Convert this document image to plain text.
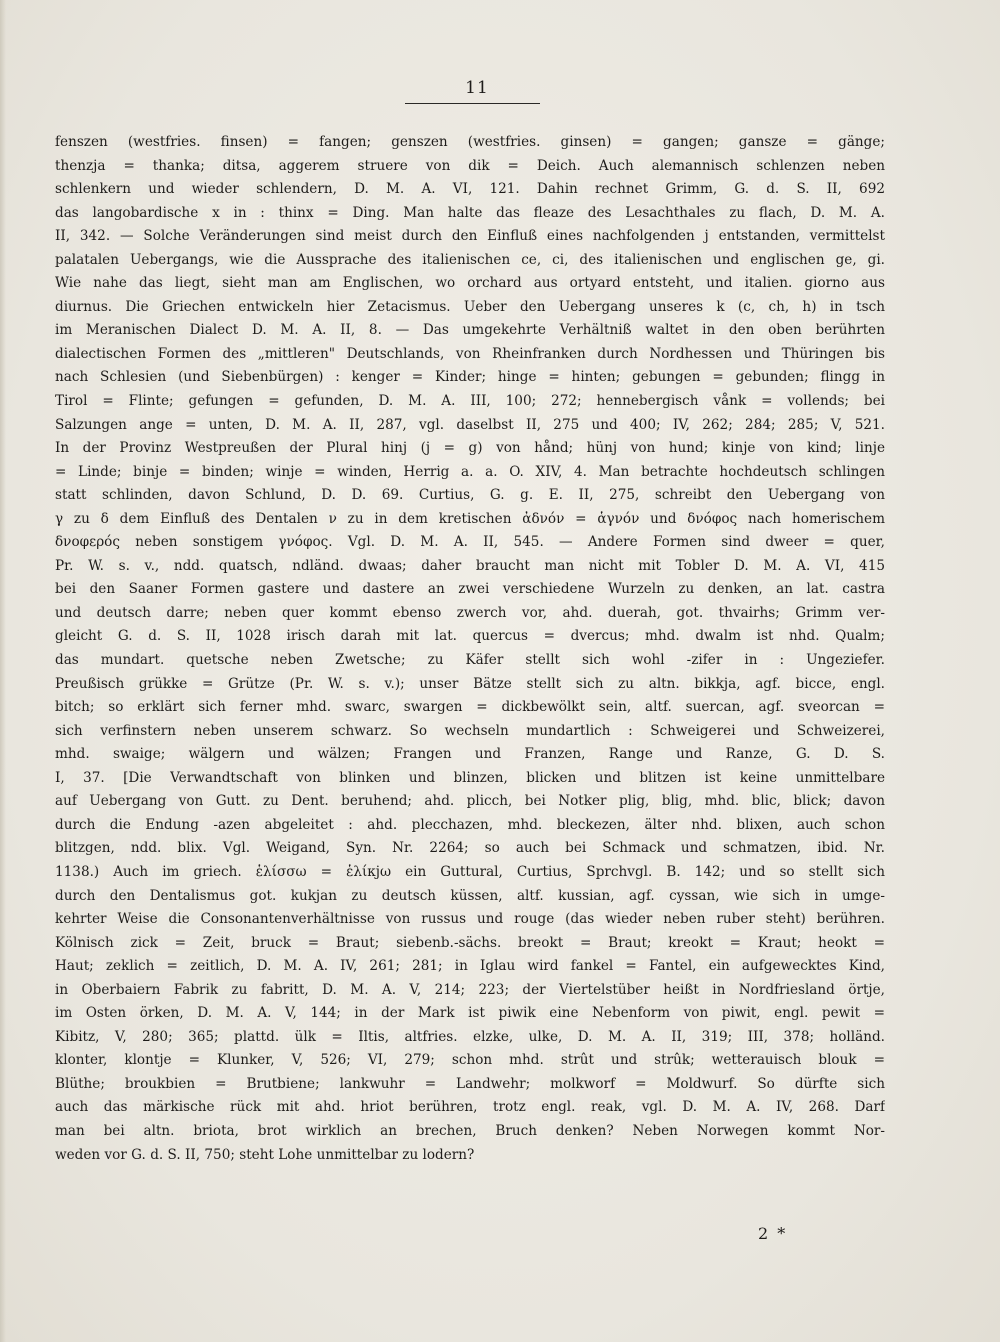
11
fenszen (westfries. finsen) = fangen; genszen (westfries. ginsen) = gangen; gansze = gänge;
thenzja = thanka; ditsa, aggerem struere von dik = Deich. Auch alemannisch schlenzen neben
schlenkern und wieder schlendern, D. M. A. VI, 121. Dahin rechnet Grimm, G. d. S. II, 692
das langobardische x in : thinx = Ding. Man halte das fleaze des Lesachthales zu flach, D. M. A.
II, 342. — Solche Veränderungen sind meist durch den Einfluß eines nachfolgenden j entstanden, vermittelst
palatalen Uebergangs, wie die Aussprache des italienischen ce, ci, des italienischen und englischen ge, gi.
Wie nahe das liegt, sieht man am Englischen, wo orchard aus ortyard entsteht, und italien. giorno aus
diurnus. Die Griechen entwickeln hier Zetacismus. Ueber den Uebergang unseres k (c, ch, h) in tsch
im Meranischen Dialect D. M. A. II, 8. — Das umgekehrte Verhältniß waltet in den oben berührten
dialectischen Formen des „mittleren" Deutschlands, von Rheinfranken durch Nordhessen und Thüringen bis
nach Schlesien (und Siebenbürgen) : kenger = Kinder; hinge = hinten; gebungen = gebunden; flingg in
Tirol = Flinte; gefungen = gefunden, D. M. A. III, 100; 272; hennebergisch vånk = vollends; bei
Salzungen ange = unten, D. M. A. II, 287, vgl. daselbst II, 275 und 400; IV, 262; 284; 285; V, 521.
In der Provinz Westpreußen der Plural hinj (j = g) von hånd; hünj von hund; kinje von kind; linje
= Linde; binje = binden; winje = winden, Herrig a. a. O. XIV, 4. Man betrachte hochdeutsch schlingen
statt schlinden, davon Schlund, D. D. 69. Curtius, G. g. E. II, 275, schreibt den Uebergang von
γ zu δ dem Einfluß des Dentalen ν zu in dem kretischen ἀδνόν = ἁγνόν und δνόφος nach homerischem
δνοφερός neben sonstigem γνόφος. Vgl. D. M. A. II, 545. — Andere Formen sind dweer = quer,
Pr. W. s. v., ndd. quatsch, ndländ. dwaas; daher braucht man nicht mit Tobler D. M. A. VI, 415
bei den Saaner Formen gastere und dastere an zwei verschiedene Wurzeln zu denken, an lat. castra
und deutsch darre; neben quer kommt ebenso zwerch vor, ahd. duerah, got. thvairhs; Grimm ver-
gleicht G. d. S. II, 1028 irisch darah mit lat. quercus = dvercus; mhd. dwalm ist nhd. Qualm;
das mundart. quetsche neben Zwetsche; zu Käfer stellt sich wohl -zifer in : Ungeziefer.
Preußisch grükke = Grütze (Pr. W. s. v.); unser Bätze stellt sich zu altn. bikkja, agf. bicce, engl.
bitch; so erklärt sich ferner mhd. swarc, swargen = dickbewölkt sein, altf. suercan, agf. sveorcan =
sich verfinstern neben unserem schwarz. So wechseln mundartlich : Schweigerei und Schweizerei,
mhd. swaige; wälgern und wälzen; Frangen und Franzen, Range und Ranze, G. D. S.
I, 37. [Die Verwandtschaft von blinken und blinzen, blicken und blitzen ist keine unmittelbare
auf Uebergang von Gutt. zu Dent. beruhend; ahd. plicch, bei Notker plig, blig, mhd. blic, blick; davon
durch die Endung -azen abgeleitet : ahd. plecchazen, mhd. bleckezen, älter nhd. blixen, auch schon
blitzgen, ndd. blix. Vgl. Weigand, Syn. Nr. 2264; so auch bei Schmack und schmatzen, ibid. Nr.
1138.) Auch im griech. ἑλίσσω = ἑλίκjω ein Guttural, Curtius, Sprchvgl. B. 142; und so stellt sich
durch den Dentalismus got. kukjan zu deutsch küssen, altf. kussian, agf. cyssan, wie sich in umge-
kehrter Weise die Consonantenverhältnisse von russus und rouge (das wieder neben ruber steht) berühren.
Kölnisch zick = Zeit, bruck = Braut; siebenb.-sächs. breokt = Braut; kreokt = Kraut; heokt =
Haut; zeklich = zeitlich, D. M. A. IV, 261; 281; in Iglau wird fankel = Fantel, ein aufgewecktes Kind,
in Oberbaiern Fabrik zu fabritt, D. M. A. V, 214; 223; der Viertelstüber heißt in Nordfriesland örtje,
im Osten örken, D. M. A. V, 144; in der Mark ist piwik eine Nebenform von piwit, engl. pewit =
Kibitz, V, 280; 365; plattd. ülk = Iltis, altfries. elzke, ulke, D. M. A. II, 319; III, 378; holländ.
klonter, klontje = Klunker, V, 526; VI, 279; schon mhd. strût und strûk; wetterauisch blouk =
Blüthe; broukbien = Brutbiene; lankwuhr = Landwehr; molkworf = Moldwurf. So dürfte sich
auch das märkische rück mit ahd. hriot berühren, trotz engl. reak, vgl. D. M. A. IV, 268. Darf
man bei altn. briota, brot wirklich an brechen, Bruch denken? Neben Norwegen kommt Nor-
weden vor G. d. S. II, 750; steht Lohe unmittelbar zu lodern?
2 *
